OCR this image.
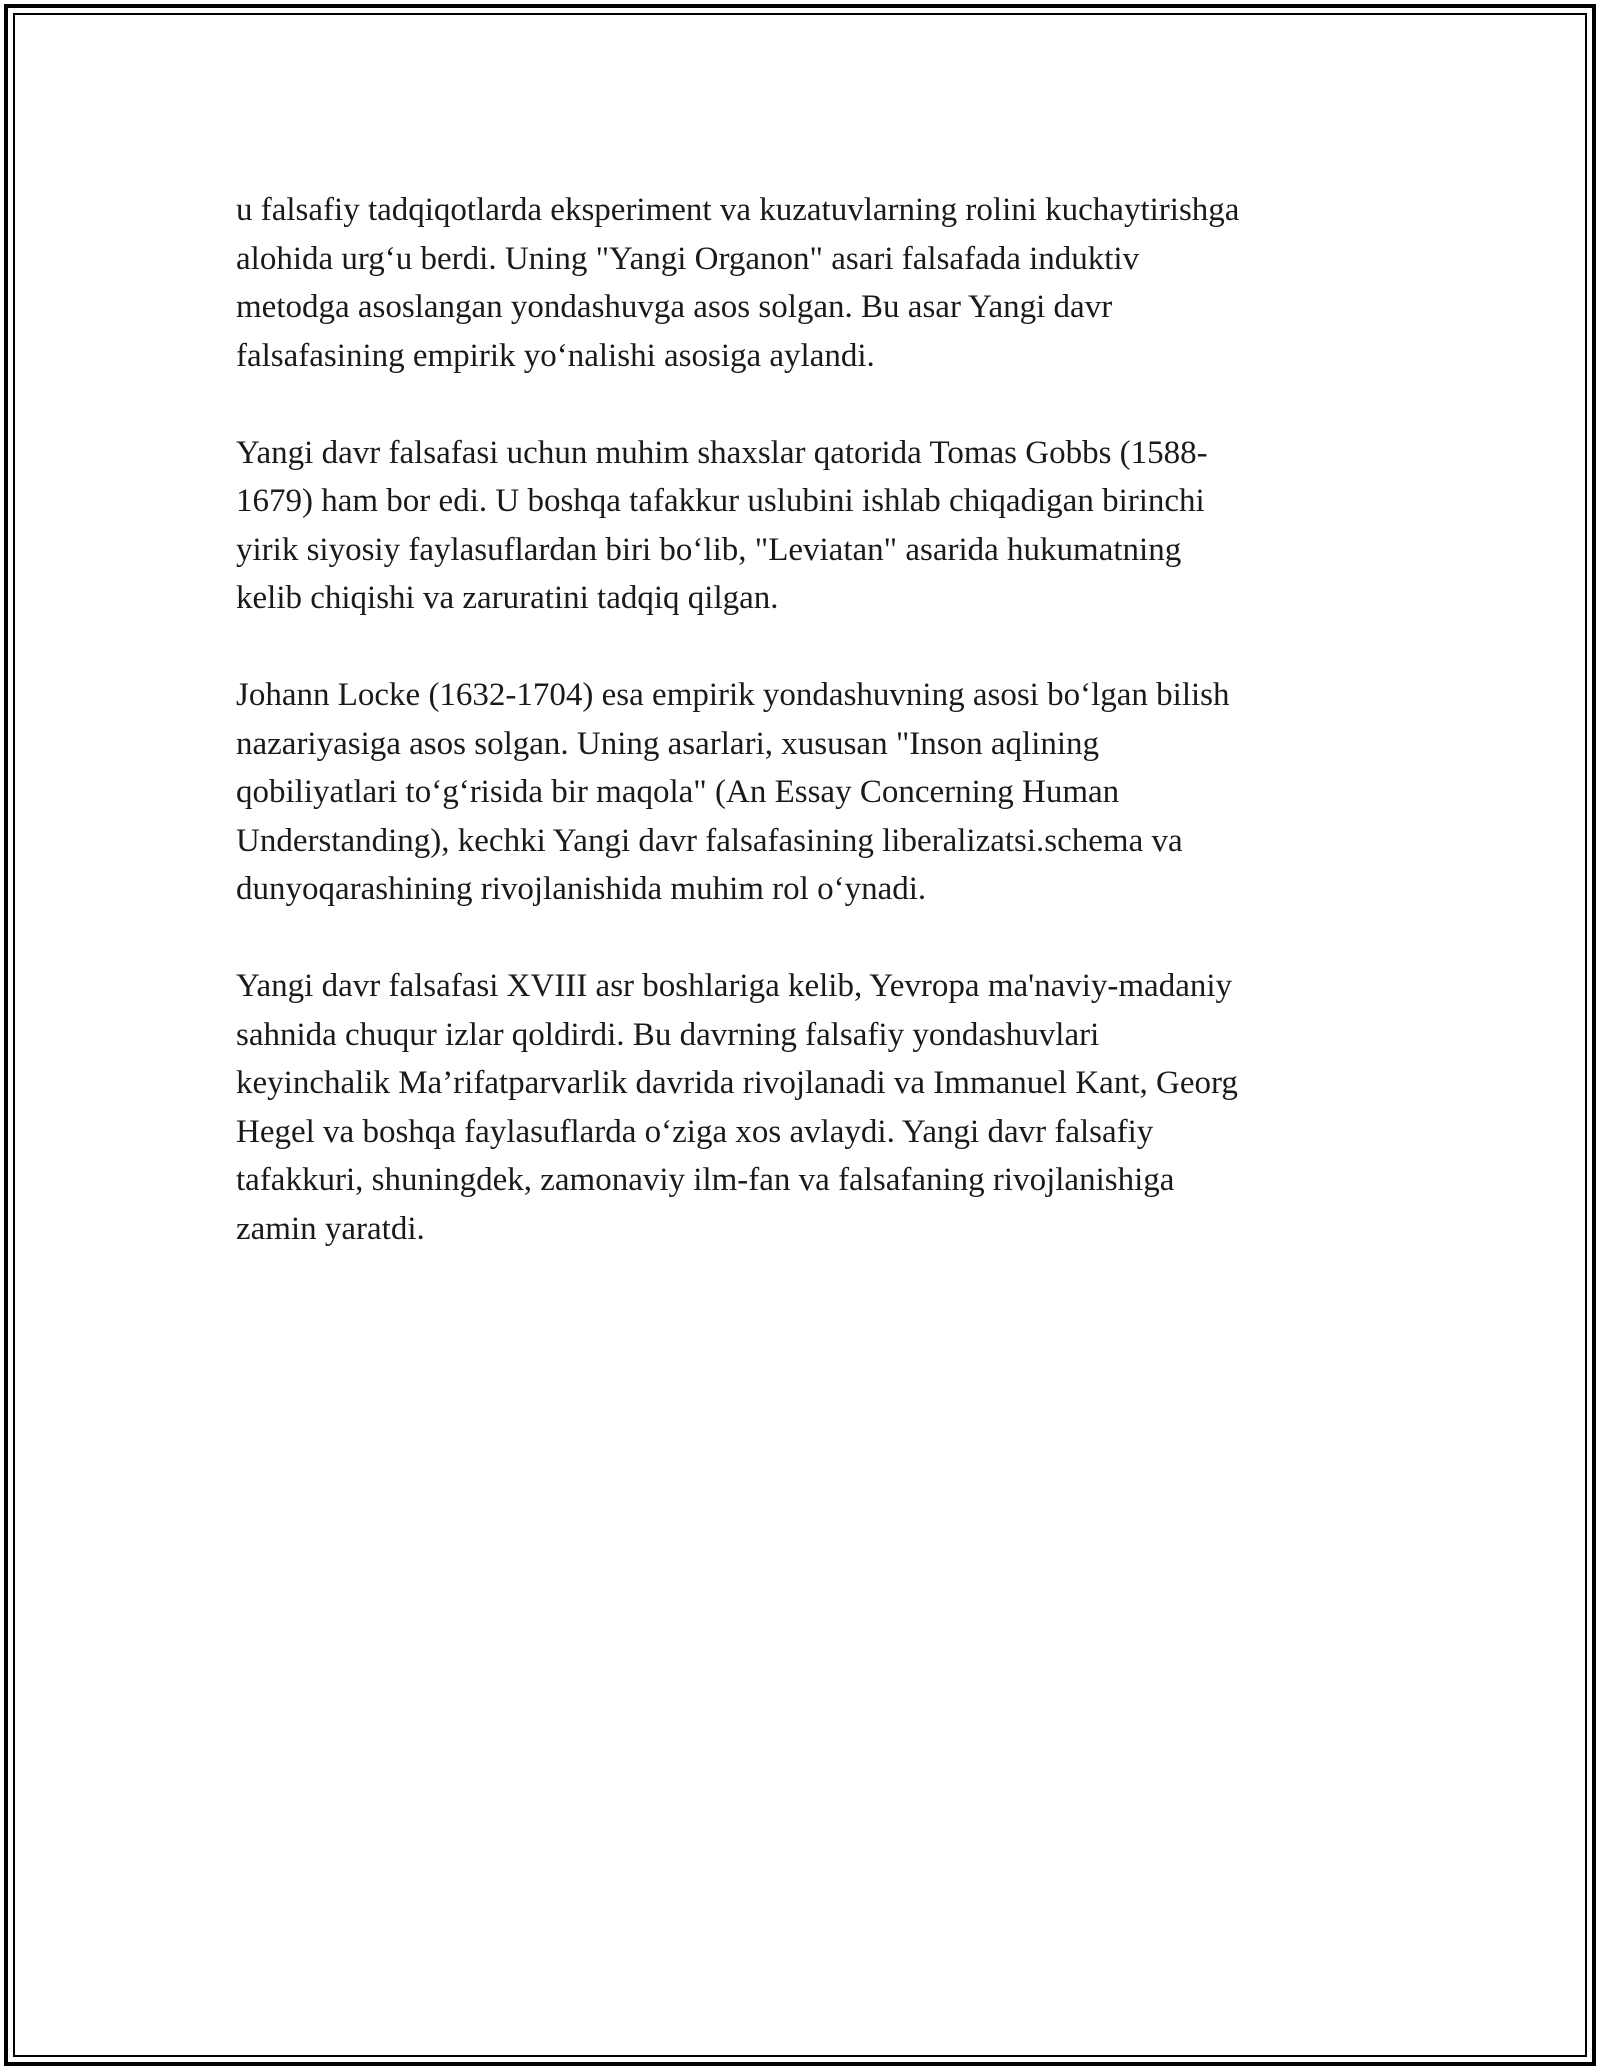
u falsafiy tadqiqotlarda eksperiment va kuzatuvlarning rolini kuchaytirishga
alohida urg‘u berdi. Uning "Yangi Organon" asari falsafada induktiv
metodga asoslangan yondashuvga asos solgan. Bu asar Yangi davr
falsafasining empirik yo‘nalishi asosiga aylandi.

Yangi davr falsafasi uchun muhim shaxslar qatorida Tomas Gobbs (1588-
1679) ham bor edi. U boshqa tafakkur uslubini ishlab chiqadigan birinchi
yirik siyosiy faylasuflardan biri bo‘lib, "Leviatan" asarida hukumatning
kelib chiqishi va zaruratini tadqiq qilgan.

Johann Locke (1632-1704) esa empirik yondashuvning asosi bo‘lgan bilish
nazariyasiga asos solgan. Uning asarlari, xususan "Inson aqlining
qobiliyatlari to‘g‘risida bir maqola" (An Essay Concerning Human
Understanding), kechki Yangi davr falsafasining liberalizatsi.schema va
dunyoqarashining rivojlanishida muhim rol o‘ynadi.

Yangi davr falsafasi XVIII asr boshlariga kelib, Yevropa ma'naviy-madaniy
sahnida chuqur izlar qoldirdi. Bu davrning falsafiy yondashuvlari
keyinchalik Ma’rifatparvarlik davrida rivojlanadi va Immanuel Kant, Georg
Hegel va boshqa faylasuflarda o‘ziga xos avlaydi. Yangi davr falsafiy
tafakkuri, shuningdek, zamonaviy ilm-fan va falsafaning rivojlanishiga
zamin yaratdi.
